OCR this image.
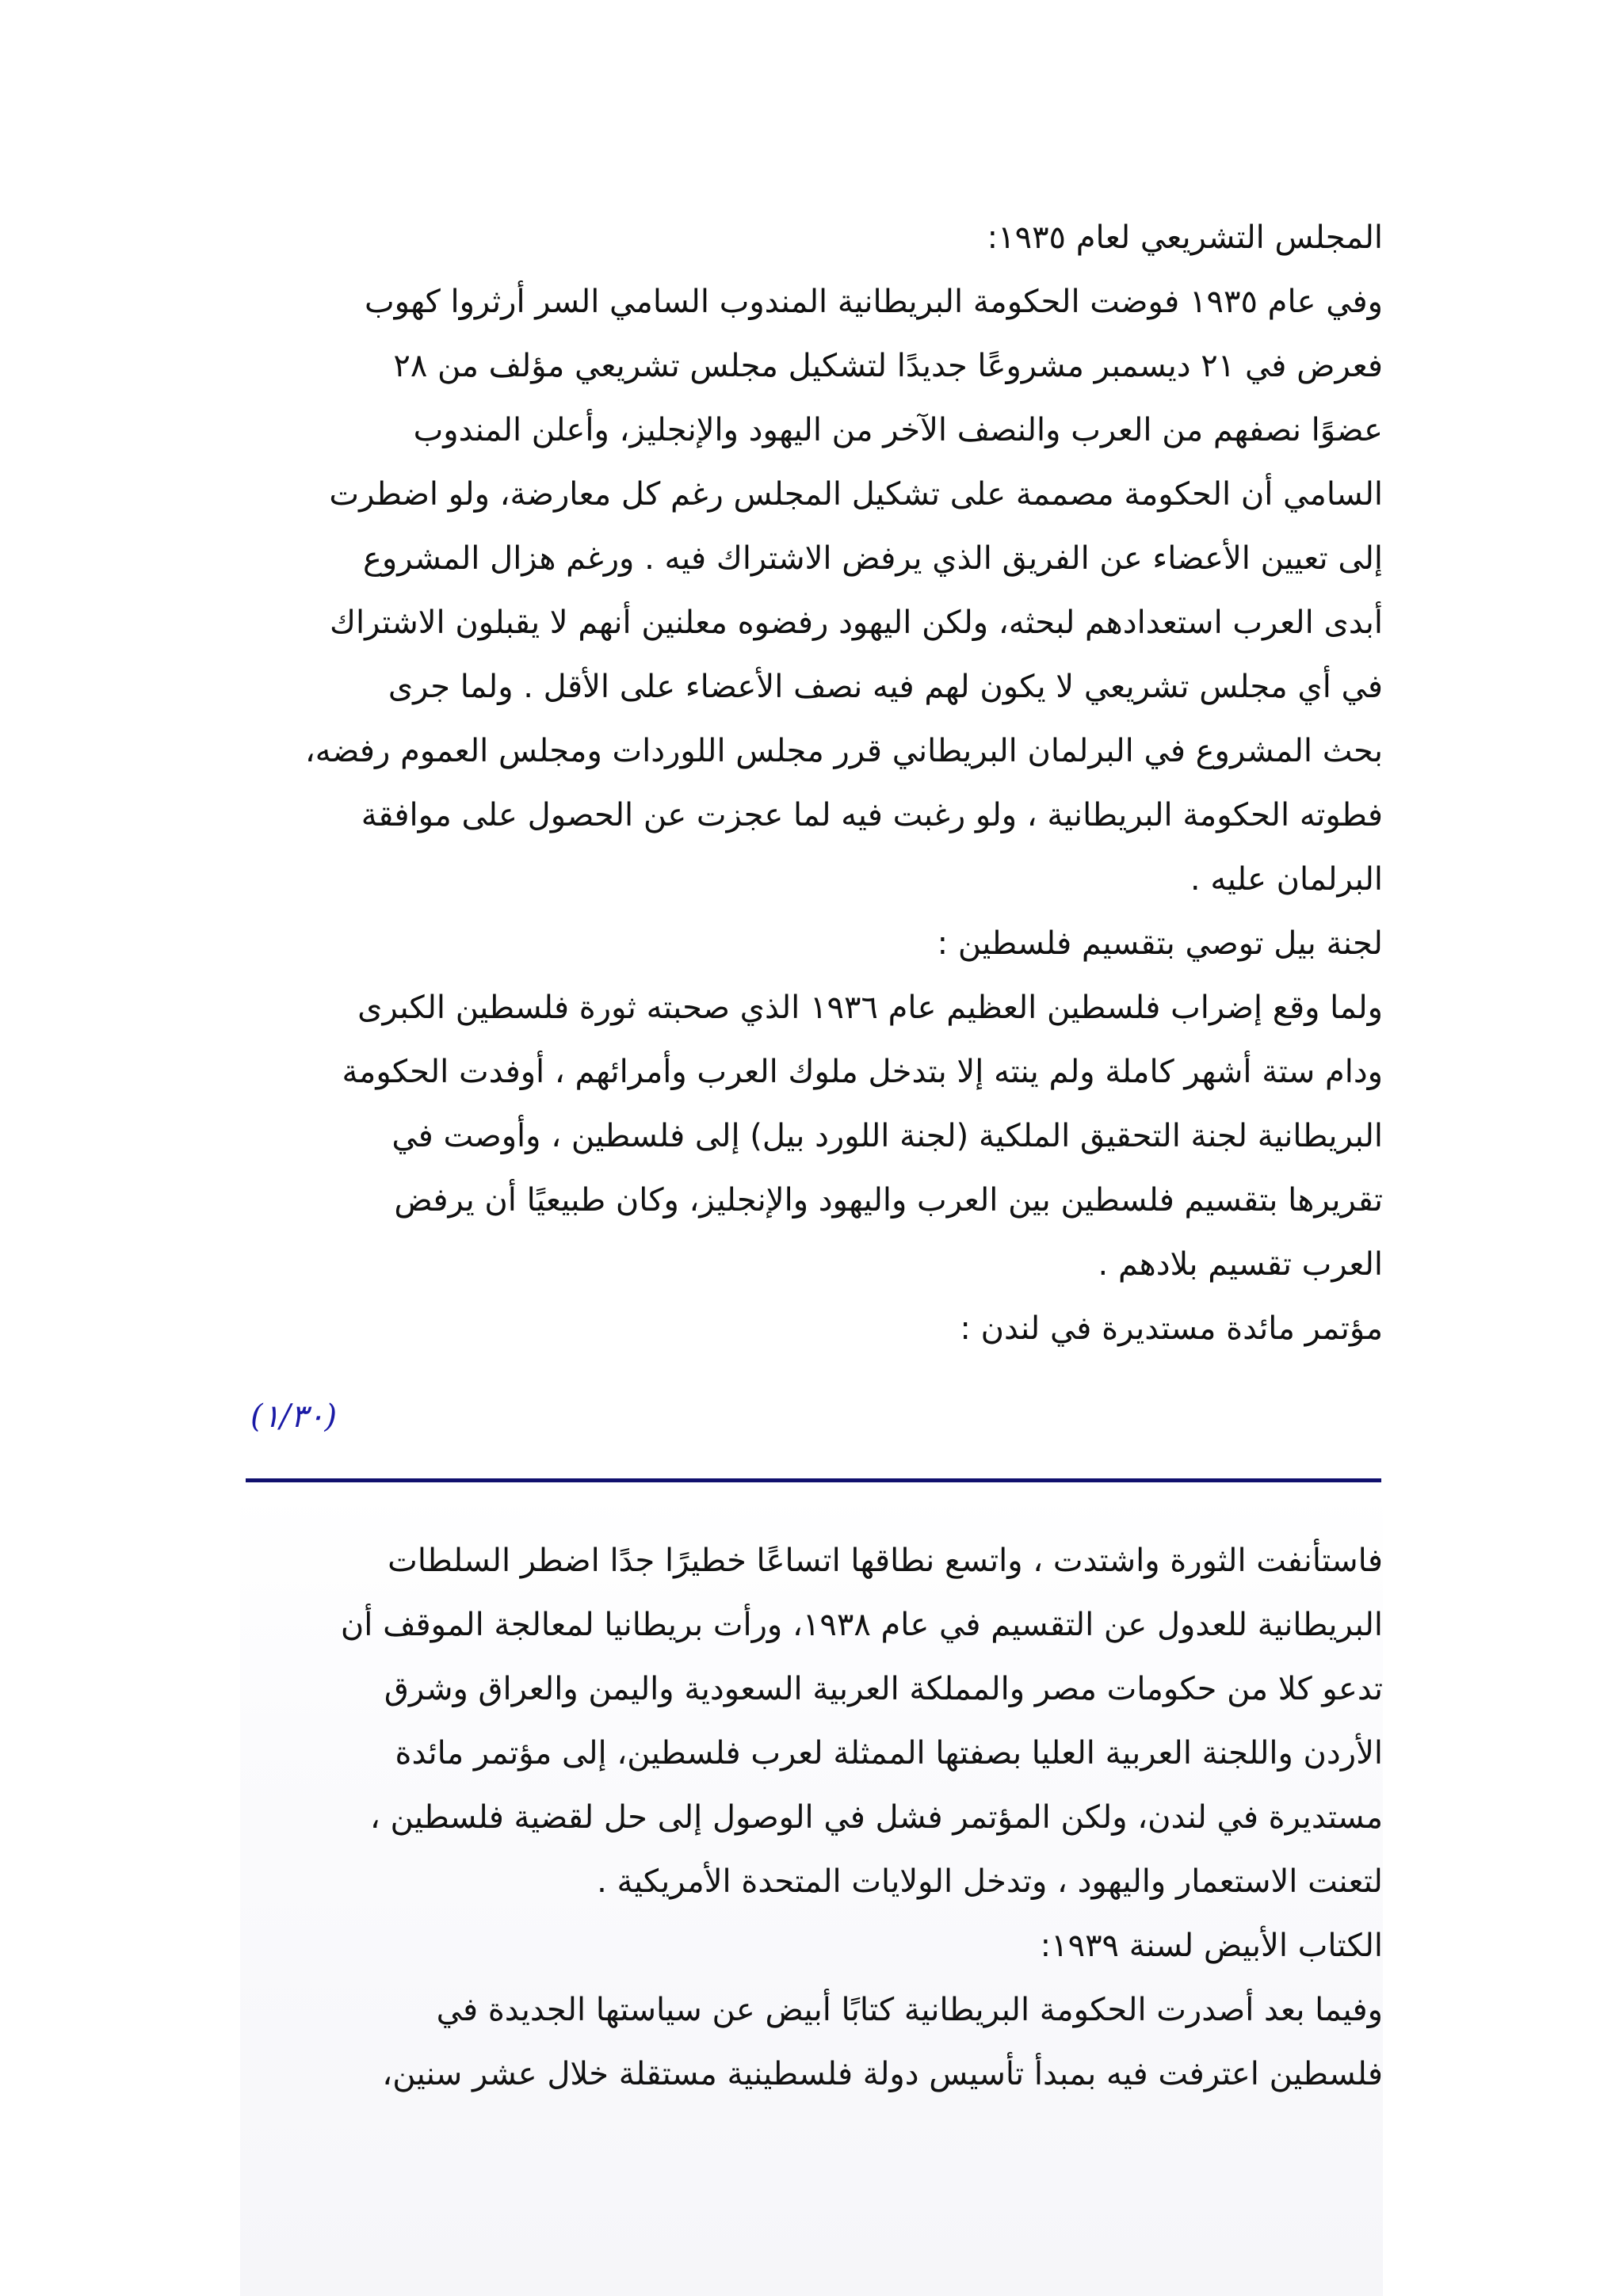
المجلس التشريعي لعام ١٩٣٥:
وفي عام ١٩٣٥ فوضت الحكومة البريطانية المندوب السامي السر أرثروا كهوب
فعرض في ٢١ ديسمبر مشروعًا جديدًا لتشكيل مجلس تشريعي مؤلف من ٢٨
عضوًا نصفهم من العرب والنصف الآخر من اليهود والإنجليز، وأعلن المندوب
السامي أن الحكومة مصممة على تشكيل المجلس رغم كل معارضة، ولو اضطرت
إلى تعيين الأعضاء عن الفريق الذي يرفض الاشتراك فيه . ورغم هزال المشروع
أبدى العرب استعدادهم لبحثه، ولكن اليهود رفضوه معلنين أنهم لا يقبلون الاشتراك
في أي مجلس تشريعي لا يكون لهم فيه نصف الأعضاء على الأقل . ولما جرى
بحث المشروع في البرلمان البريطاني قرر مجلس اللوردات ومجلس العموم رفضه،
فطوته الحكومة البريطانية ، ولو رغبت فيه لما عجزت عن الحصول على موافقة
البرلمان عليه .
لجنة بيل توصي بتقسيم فلسطين :
ولما وقع إضراب فلسطين العظيم عام ١٩٣٦ الذي صحبته ثورة فلسطين الكبرى
ودام ستة أشهر كاملة ولم ينته إلا بتدخل ملوك العرب وأمرائهم ، أوفدت الحكومة
البريطانية لجنة التحقيق الملكية (لجنة اللورد بيل) إلى فلسطين ، وأوصت في
تقريرها بتقسيم فلسطين بين العرب واليهود والإنجليز، وكان طبيعيًا أن يرفض
العرب تقسيم بلادهم .
مؤتمر مائدة مستديرة في لندن :
(١/٣٠)
فاستأنفت الثورة واشتدت ، واتسع نطاقها اتساعًا خطيرًا جدًا اضطر السلطات
البريطانية للعدول عن التقسيم في عام ١٩٣٨، ورأت بريطانيا لمعالجة الموقف أن
تدعو كلا من حكومات مصر والمملكة العربية السعودية واليمن والعراق وشرق
الأردن واللجنة العربية العليا بصفتها الممثلة لعرب فلسطين، إلى مؤتمر مائدة
مستديرة في لندن، ولكن المؤتمر فشل في الوصول إلى حل لقضية فلسطين ،
لتعنت الاستعمار واليهود ، وتدخل الولايات المتحدة الأمريكية .
الكتاب الأبيض لسنة ١٩٣٩:
وفيما بعد أصدرت الحكومة البريطانية كتابًا أبيض عن سياستها الجديدة في
فلسطين اعترفت فيه بمبدأ تأسيس دولة فلسطينية مستقلة خلال عشر سنين،
